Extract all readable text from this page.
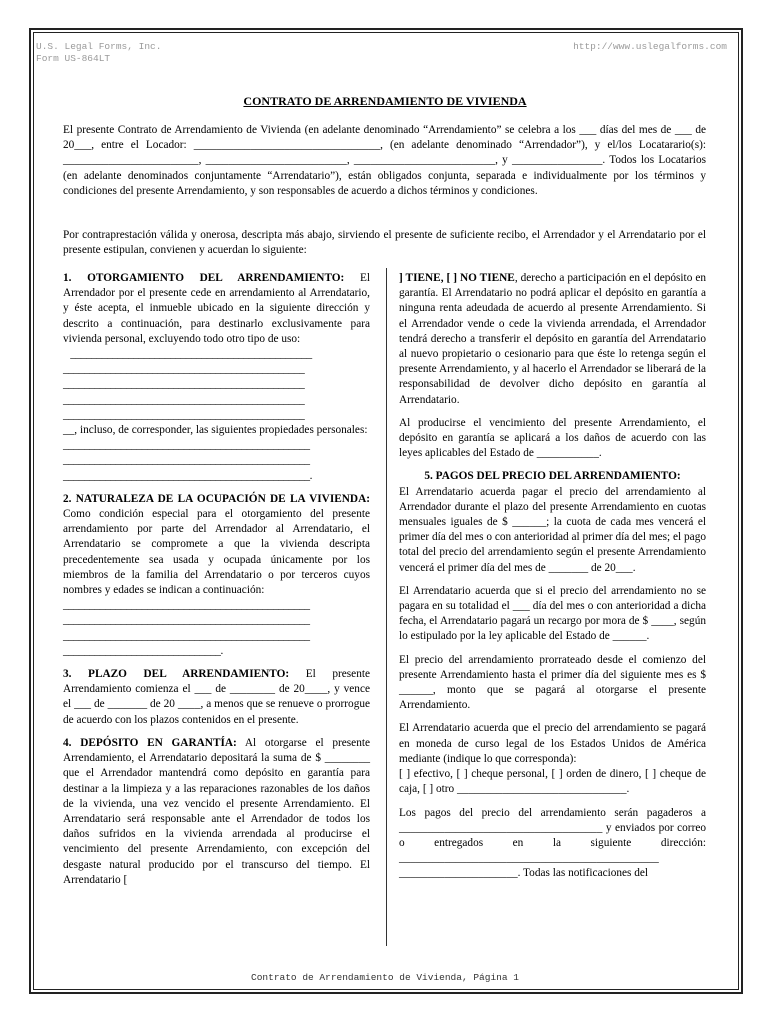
U.S. Legal Forms, Inc.
Form US-864LT
http://www.uslegalforms.com
CONTRATO DE ARRENDAMIENTO DE VIVIENDA

El presente Contrato de Arrendamiento de Vivienda (en adelante denominado “Arrendamiento” se celebra a los ___ días del mes de ___ de 20___, entre el Locador: _________________________________, (en adelante denominado “Arrendador”), y el/los Locatarario(s): ________________________, _________________________, _________________________, y ________________. Todos los Locatarios (en adelante denominados conjuntamente “Arrendatario”), están obligados conjunta, separada e individualmente por los términos y condiciones del presente Arrendamiento, y son responsables de acuerdo a dichos términos y condiciones.

Por contraprestación válida y onerosa, descripta más abajo, sirviendo el presente de suficiente recibo, el Arrendador y el Arrendatario por el presente estipulan, convienen y acuerdan lo siguiente:

1. OTORGAMIENTO DEL ARRENDAMIENTO: El Arrendador por el presente cede en arrendamiento al Arrendatario, y éste acepta, el inmueble ubicado en la siguiente dirección y descrito a continuación, para destinarlo exclusivamente para vivienda personal, excluyendo todo otro tipo de uso:

______________________________________________
______________________________________________
______________________________________________
______________________________________________
______________________________________________

__, incluso, de corresponder, las siguientes propiedades personales:

_______________________________________________
_______________________________________________
_______________________________________________.

2. NATURALEZA DE LA OCUPACIÓN DE LA VIVIENDA: Como condición especial para el otorgamiento del presente arrendamiento por parte del Arrendador al Arrendatario, el Arrendatario se compromete a que la vivienda descripta precedentemente sea usada y ocupada únicamente por los miembros de la familia del Arrendatario o por terceros cuyos nombres y edades se indican a continuación:

_______________________________________________
_______________________________________________
_______________________________________________
______________________________.

3. PLAZO DEL ARRENDAMIENTO: El presente Arrendamiento comienza el ___ de ________ de 20____, y vence el ___ de _______ de 20 ____, a menos que se renueve o prorrogue de acuerdo con los plazos contenidos en el presente.

4. DEPÓSITO EN GARANTÍA: Al otorgarse el presente Arrendamiento, el Arrendatario depositará la suma de $ ________ que el Arrendador mantendrá como depósito en garantía para destinar a la limpieza y a las reparaciones razonables de los daños de la vivienda, una vez vencido el presente Arrendamiento. El Arrendatario será responsable ante el Arrendador de todos los daños sufridos en la vivienda arrendada al producirse el vencimiento del presente Arrendamiento, con excepción del desgaste natural producido por el transcurso del tiempo. El Arrendatario [

] TIENE, [ ] NO TIENE, derecho a participación en el depósito en garantía. El Arrendatario no podrá aplicar el depósito en garantía a ninguna renta adeudada de acuerdo al presente Arrendamiento. Si el Arrendador vende o cede la vivienda arrendada, el Arrendador tendrá derecho a transferir el depósito en garantía del Arrendatario al nuevo propietario o cesionario para que éste lo retenga según el presente Arrendamiento, y al hacerlo el Arrendador se liberará de la responsabilidad de devolver dicho depósito en garantía al Arrendatario.

Al producirse el vencimiento del presente Arrendamiento, el depósito en garantía se aplicará a los daños de acuerdo con las leyes aplicables del Estado de ___________.

5. PAGOS DEL PRECIO DEL ARRENDAMIENTO:

El Arrendatario acuerda pagar el precio del arrendamiento al Arrendador durante el plazo del presente Arrendamiento en cuotas mensuales iguales de $ ______; la cuota de cada mes vencerá el primer día del mes o con anterioridad al primer día del mes; el pago total del precio del arrendamiento según el presente Arrendamiento vencerá el primer día del mes de _______ de 20___.

El Arrendatario acuerda que si el precio del arrendamiento no se pagara en su totalidad el ___ día del mes o con anterioridad a dicha fecha, el Arrendatario pagará un recargo por mora de $ ____, según lo estipulado por la ley aplicable del Estado de ______.

El precio del arrendamiento prorrateado desde el comienzo del presente Arrendamiento hasta el primer día del siguiente mes es $ ______, monto que se pagará al otorgarse el presente Arrendamiento.

El Arrendatario acuerda que el precio del arrendamiento se pagará en moneda de curso legal de los Estados Unidos de América mediante (indique lo que corresponda):

[ ] efectivo, [ ] cheque personal, [ ] orden de dinero, [ ] cheque de caja, [ ] otro ______________________________.

Los pagos del precio del arrendamiento serán pagaderos a ____________________________________ y enviados por correo o entregados en la siguiente dirección: ______________________________________________ _____________________. Todas las notificaciones del

Contrato de Arrendamiento de Vivienda, Página 1
